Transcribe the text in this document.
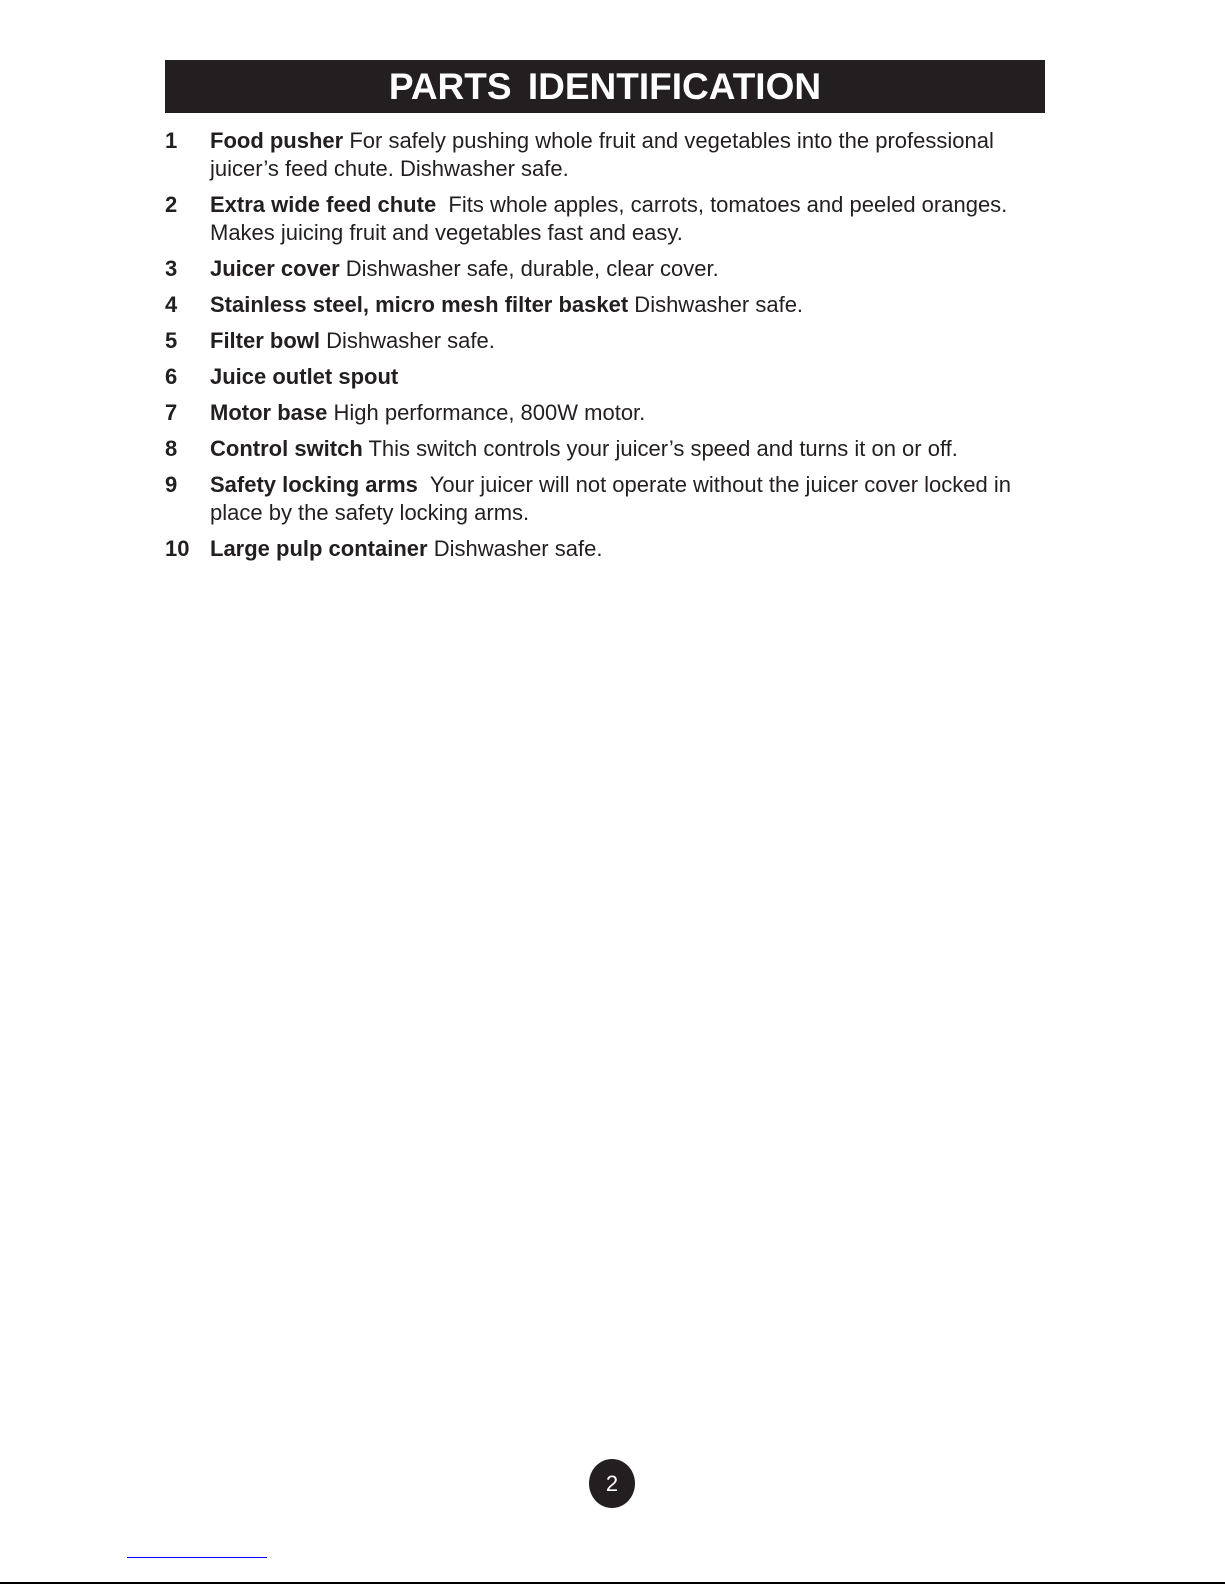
PARTS IDENTIFICATION
1 Food pusher For safely pushing whole fruit and vegetables into the professional juicer’s feed chute. Dishwasher safe.
2 Extra wide feed chute  Fits whole apples, carrots, tomatoes and peeled oranges. Makes juicing fruit and vegetables fast and easy.
3 Juicer cover Dishwasher safe, durable, clear cover.
4 Stainless steel, micro mesh filter basket Dishwasher safe.
5 Filter bowl Dishwasher safe.
6 Juice outlet spout
7 Motor base High performance, 800W motor.
8 Control switch This switch controls your juicer’s speed and turns it on or off.
9 Safety locking arms  Your juicer will not operate without the juicer cover locked in place by the safety locking arms.
10 Large pulp container Dishwasher safe.
2
